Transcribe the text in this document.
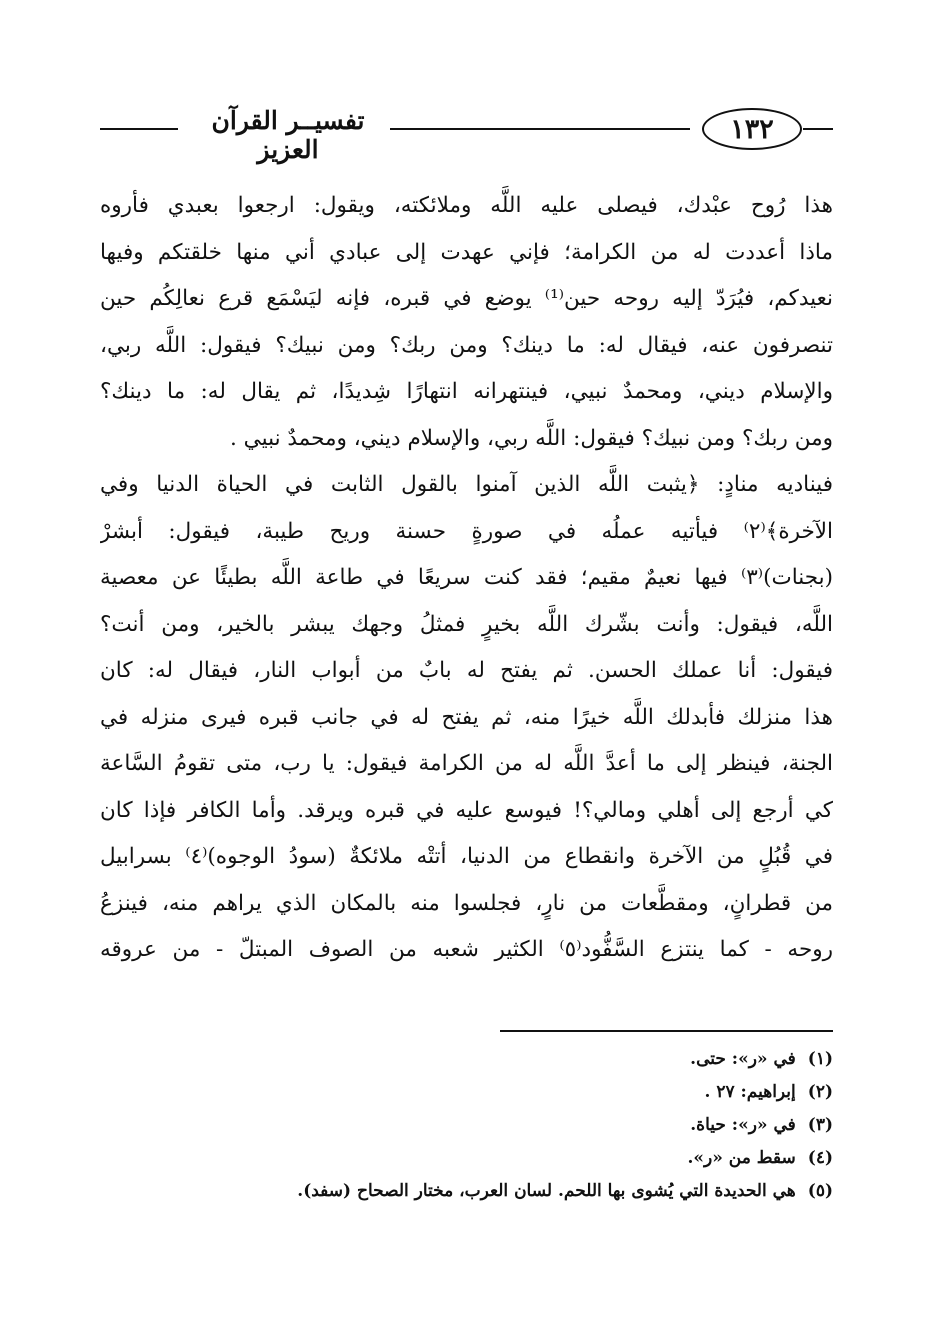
تفسيــر القرآن العزيز
١٣٢
هذا رُوح عبْدك، فيصلى عليه اللَّه وملائكته، ويقول: ارجعوا بعبدي فأروه
ماذا أعددت له من الكرامة؛ فإني عهدت إلى عبادي أني منها خلقتكم وفيها
نعيدكم، فيُرَدّ إليه روحه حين⁽¹⁾ يوضع في قبره، فإنه ليَسْمَع قرع نعالِكُم حين
تنصرفون عنه، فيقال له: ما دينك؟ ومن ربك؟ ومن نبيك؟ فيقول: اللَّه ربي،
والإسلام ديني، ومحمدٌ نبيي، فينتهرانه انتهارًا شِديدًا، ثم يقال له: ما دينك؟
ومن ربك؟ ومن نبيك؟ فيقول: اللَّه ربي، والإسلام ديني، ومحمدٌ نبيي .
فيناديه منادٍ: ﴿يثبت اللَّه الذين آمنوا بالقول الثابت في الحياة الدنيا وفي
الآخرة﴾⁽٢⁾ فيأتيه عملُه في صورةٍ حسنة وريح طيبة، فيقول: أبشرْ
(بجنات)⁽٣⁾ فيها نعيمٌ مقيم؛ فقد كنت سريعًا في طاعة اللَّه بطيئًا عن معصية
اللَّه، فيقول: وأنت بشّرك اللَّه بخيرٍ فمثلُ وجهك يبشر بالخير، ومن أنت؟
فيقول: أنا عملك الحسن. ثم يفتح له بابٌ من أبواب النار، فيقال له: كان
هذا منزلك فأبدلك اللَّه خيرًا منه، ثم يفتح له في جانب قبره فيرى منزله في
الجنة، فينظر إلى ما أعدَّ اللَّه له من الكرامة فيقول: يا رب، متى تقومُ السَّاعة
كي أرجع إلى أهلي ومالي؟! فيوسع عليه في قبره ويرقد. وأما الكافر فإذا كان
في قُبُلٍ من الآخرة وانقطاع من الدنيا، أتتْه ملائكةٌ (سودُ الوجوه)⁽٤⁾ بسرابيل
من قطرانٍ، ومقطَّعات من نارٍ، فجلسوا منه بالمكان الذي يراهم منه، فينزعُ
روحه - كما ينتزع السَّفُّود⁽٥⁾ الكثير شعبه من الصوف المبتلّ - من عروقه
(١)في «ر»: حتى.
(٢)إبراهيم: ٢٧ .
(٣)في «ر»: حياة.
(٤)سقط من «ر».
(٥)هي الحديدة التي يُشوى بها اللحم. لسان العرب، مختار الصحاح (سفد).
